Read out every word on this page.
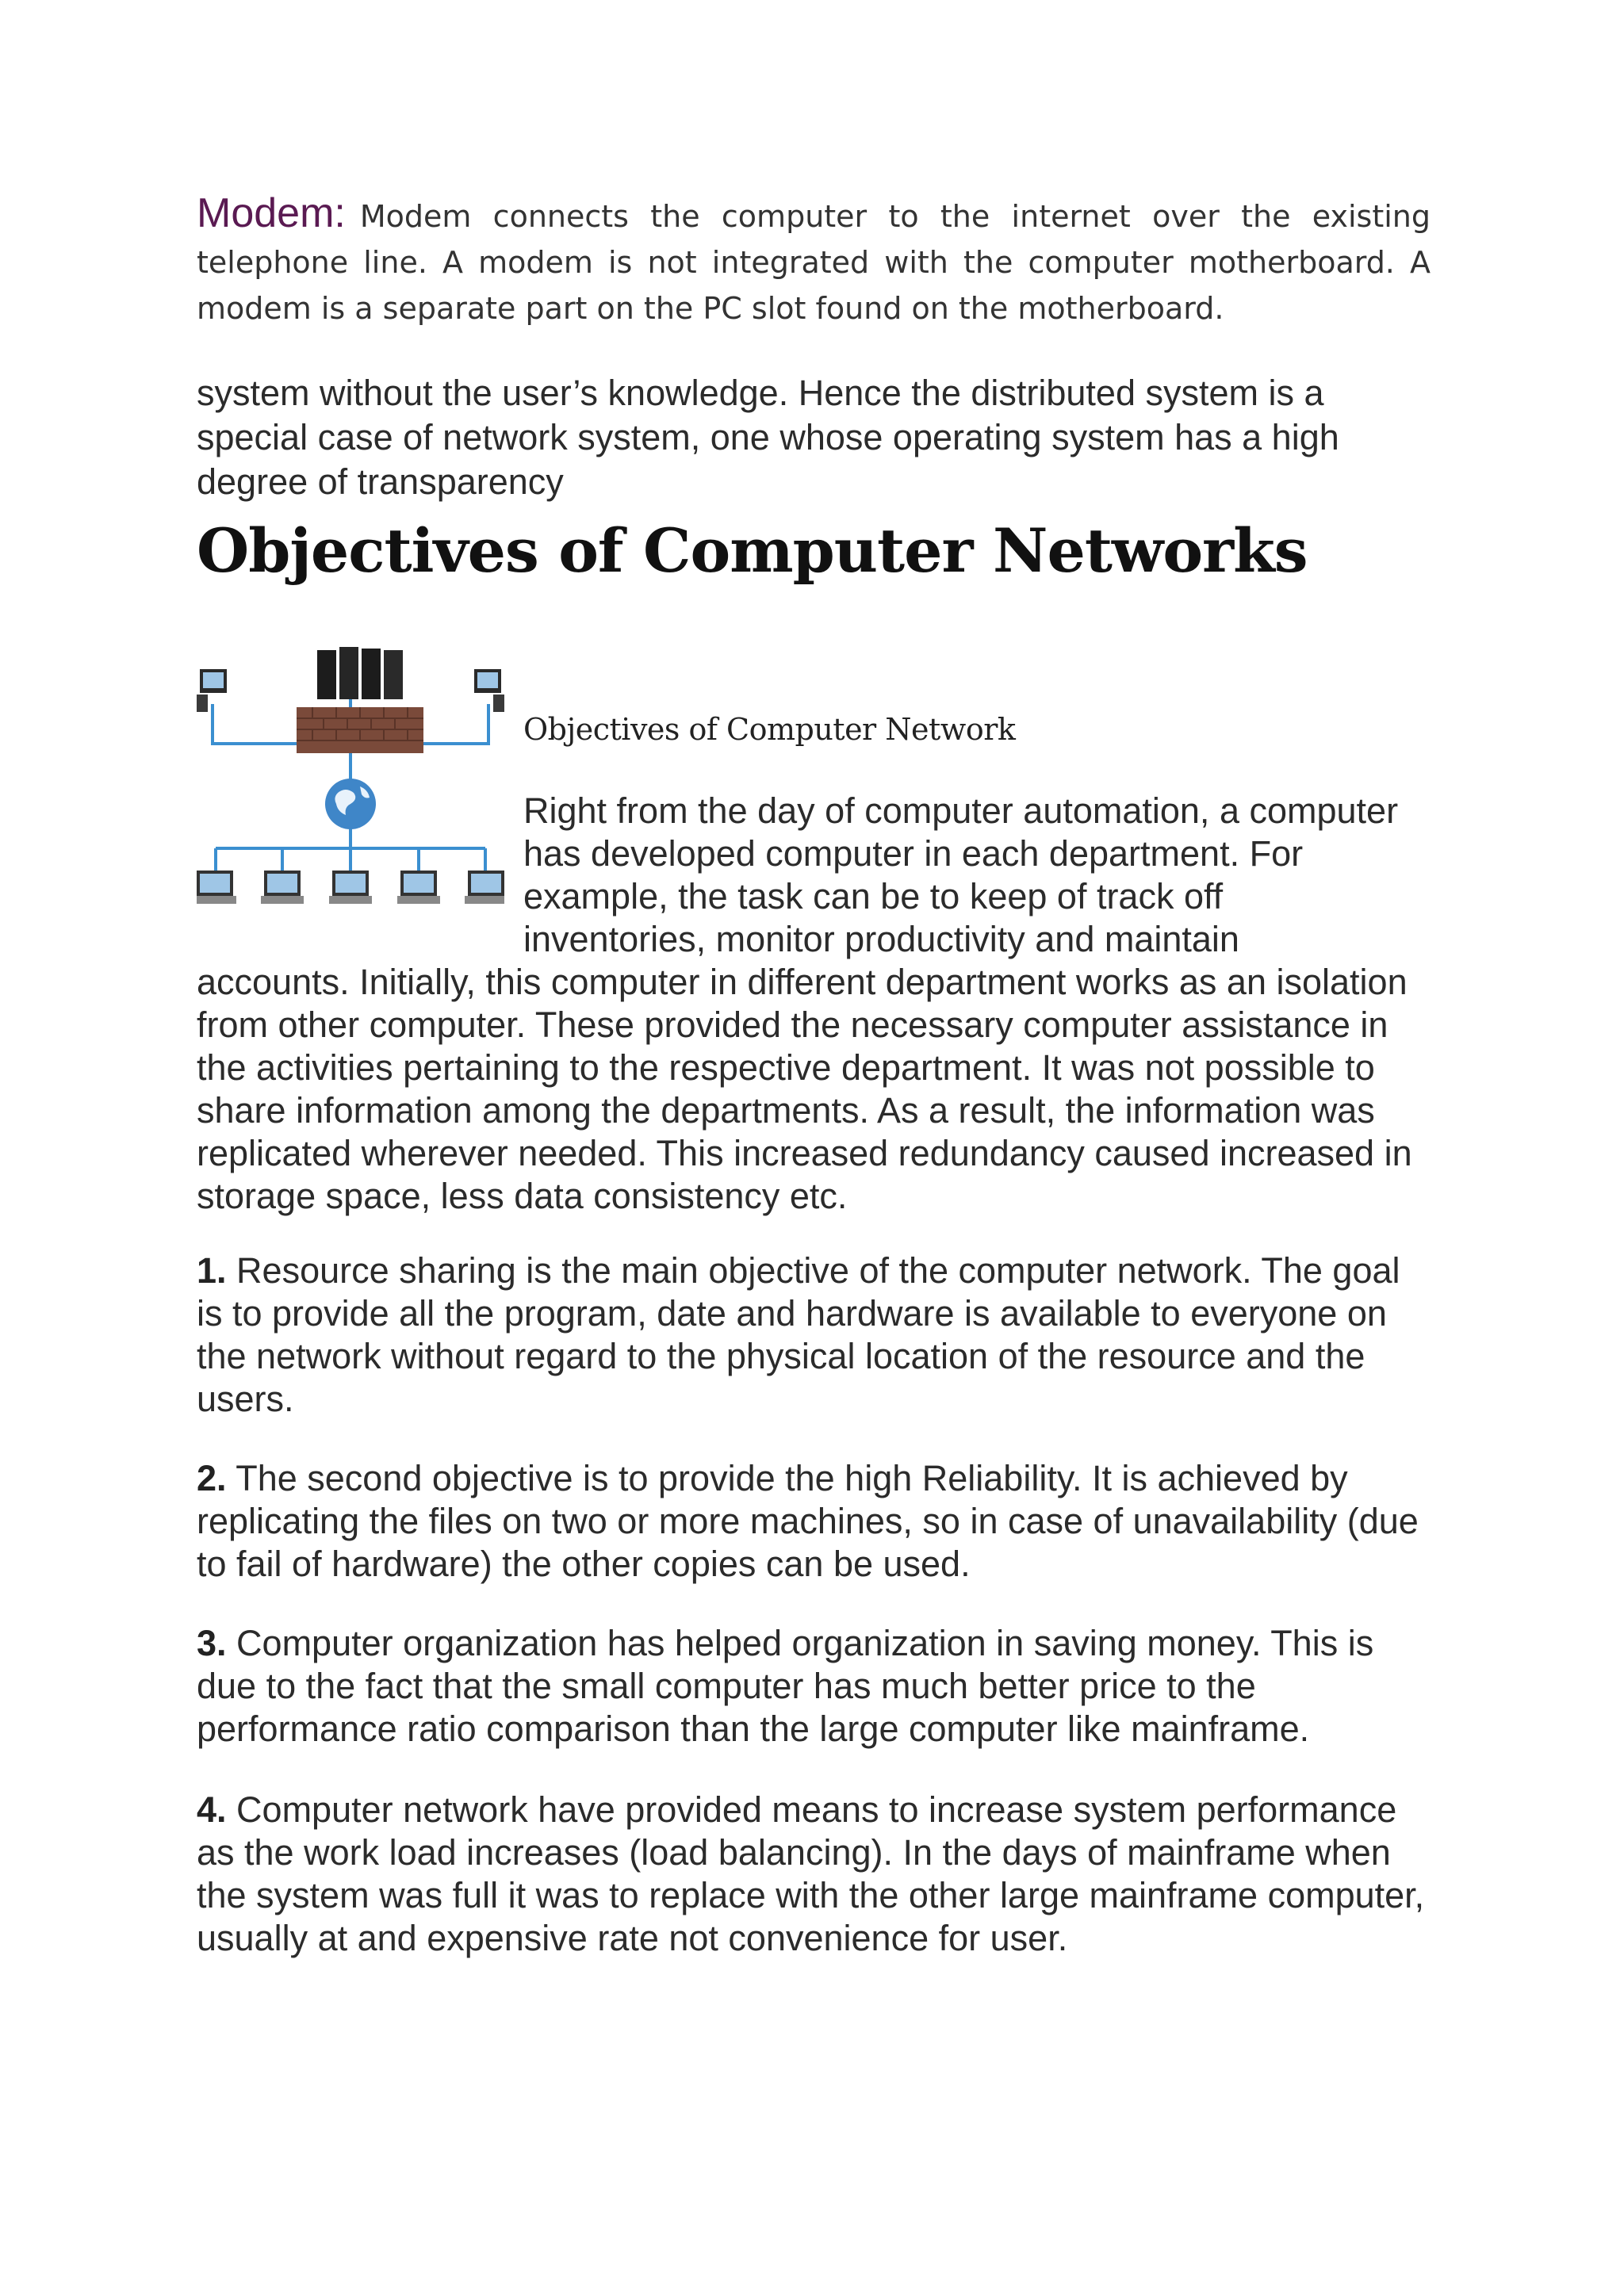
Modem: Modem connects the computer to the internet over the existing telephone line. A modem is not integrated with the computer motherboard. A modem is a separate part on the PC slot found on the motherboard.
system without the user’s knowledge. Hence the distributed system is a special case of network system, one whose operating system has a high degree of transparency
Objectives of Computer Networks
Objectives of Computer Network
Right from the day of computer automation, a computer
has developed computer in each department. For
example, the task can be to keep of track off
inventories, monitor productivity and maintain
accounts. Initially, this computer in different department works as an isolation from other computer. These provided the necessary computer assistance in the activities pertaining to the respective department. It was not possible to share information among the departments. As a result, the information was replicated wherever needed. This increased redundancy caused increased in storage space, less data consistency etc.
1. Resource sharing is the main objective of the computer network. The goal is to provide all the program, date and hardware is available to everyone on the network without regard to the physical location of the resource and the users.
2. The second objective is to provide the high Reliability. It is achieved by replicating the files on two or more machines, so in case of unavailability (due to fail of hardware) the other copies can be used.
3. Computer organization has helped organization in saving money. This is due to the fact that the small computer has much better price to the performance ratio comparison than the large computer like mainframe.
4. Computer network have provided means to increase system performance as the work load increases (load balancing). In the days of mainframe when the system was full it was to replace with the other large mainframe computer, usually at and expensive rate not convenience for user.
